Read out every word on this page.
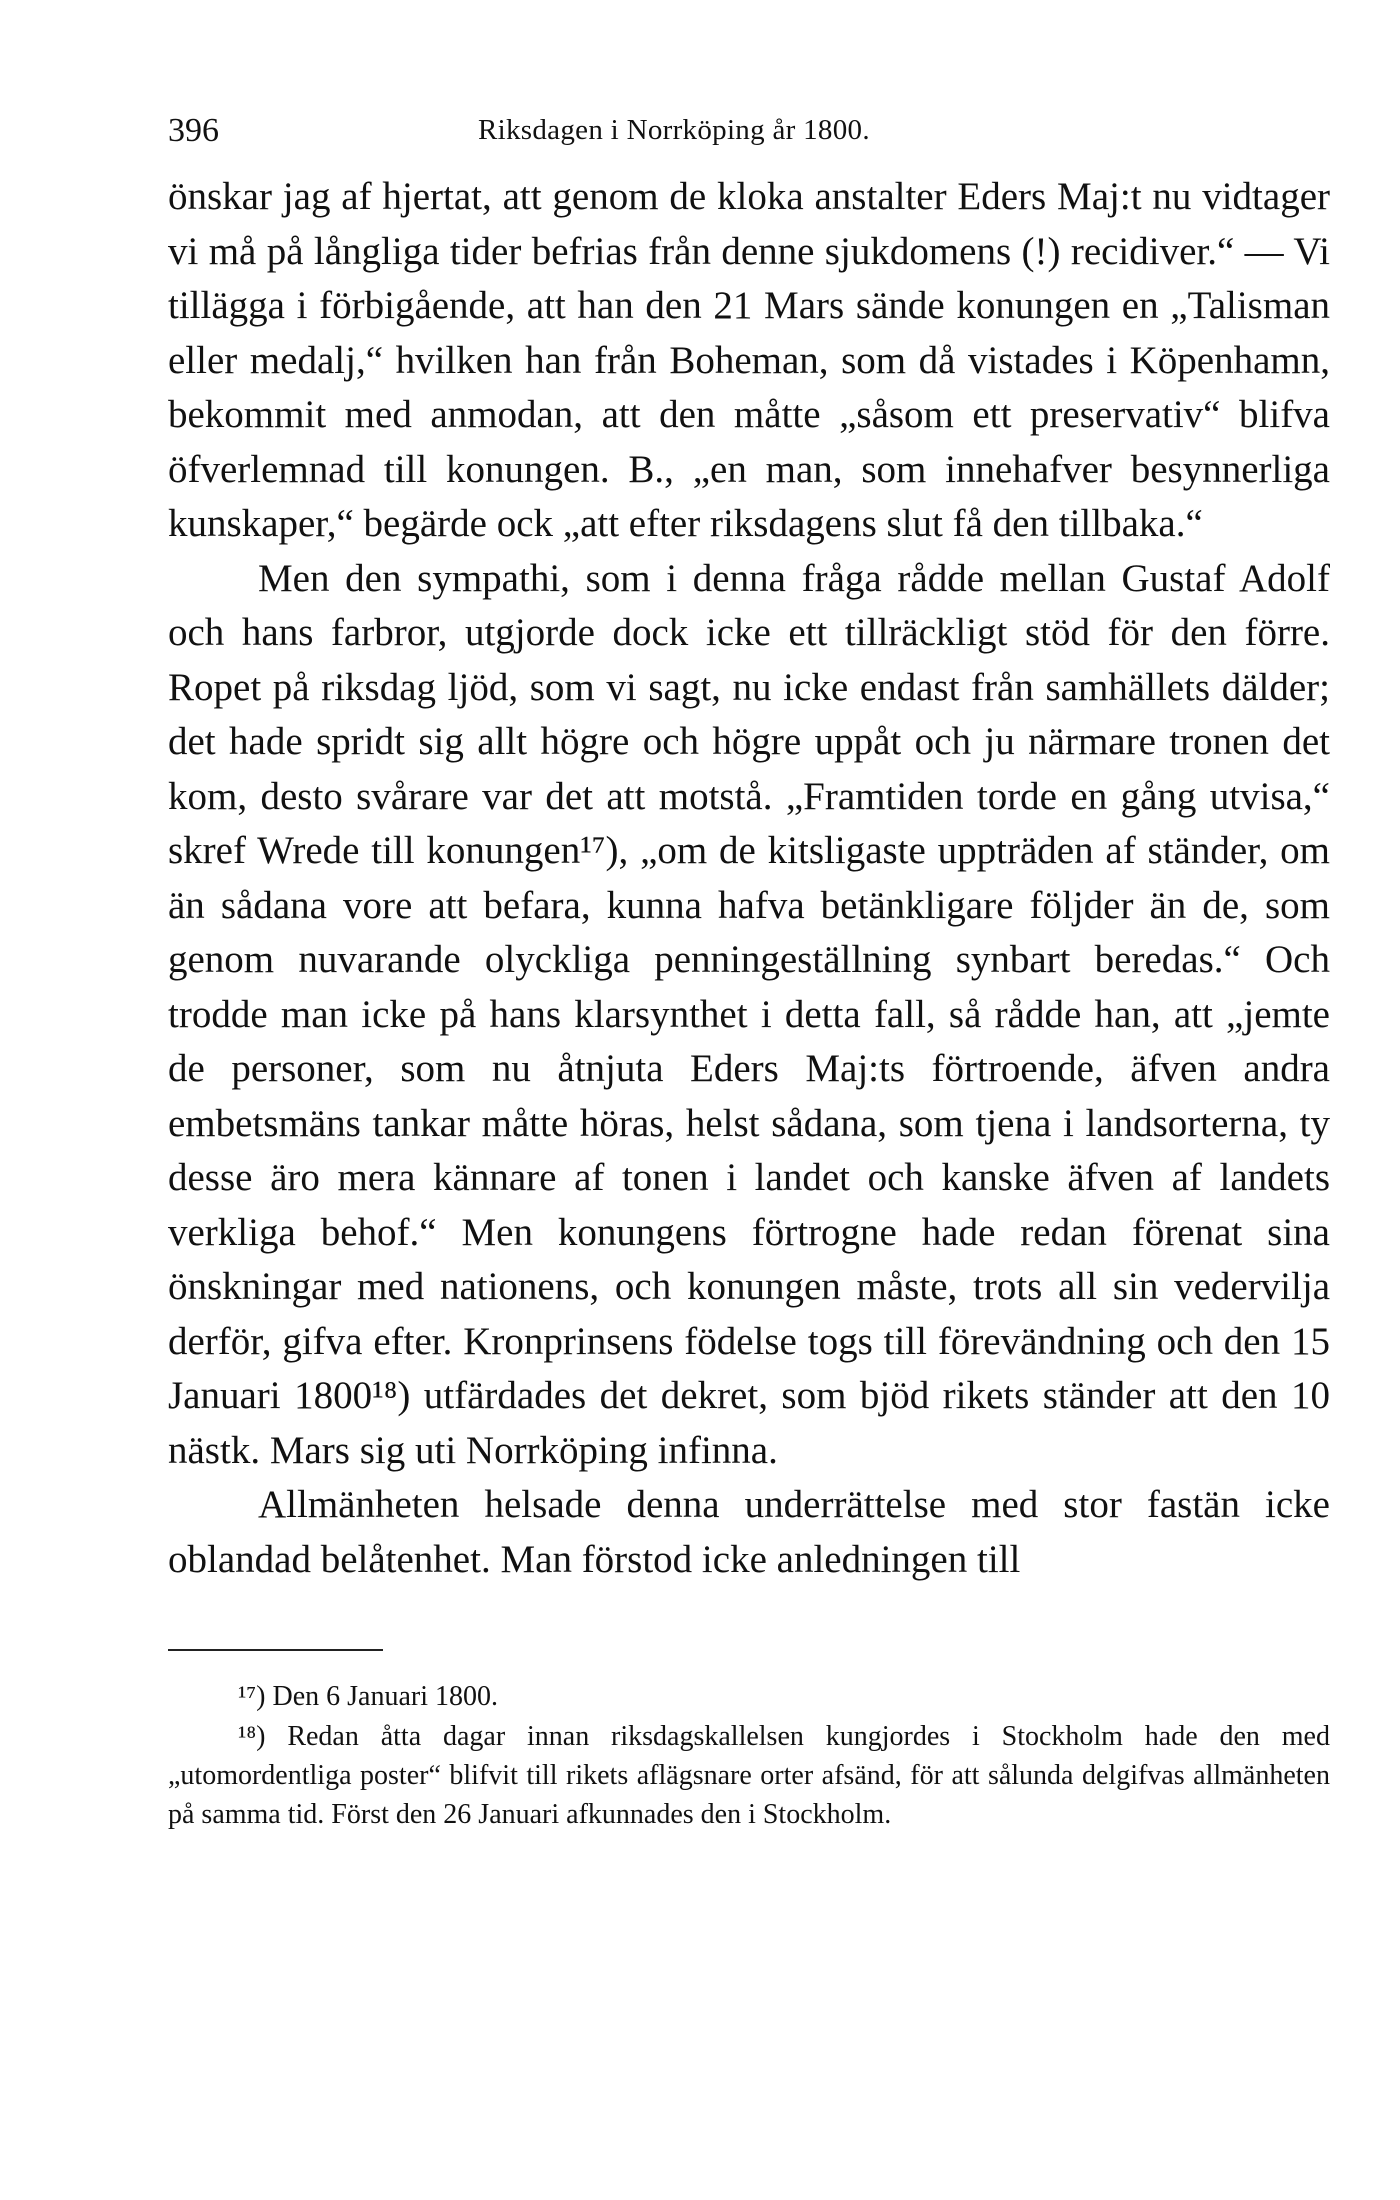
396	Riksdagen i Norrköping år 1800.

önskar jag af hjertat, att genom de kloka anstalter Eders Maj:t nu vidtager vi må på långliga tider befrias från denne sjukdomens (!) recidiver.“ — Vi tillägga i förbigående, att han den 21 Mars sände konungen en „Talisman eller medalj,“ hvilken han från Boheman, som då vistades i Köpenhamn, bekommit med anmodan, att den måtte „såsom ett preservativ“ blifva öfverlemnad till konungen. B., „en man, som innehafver besynnerliga kunskaper,“ begärde ock „att efter riksdagens slut få den tillbaka.“

Men den sympathi, som i denna fråga rådde mellan Gustaf Adolf och hans farbror, utgjorde dock icke ett tillräckligt stöd för den förre. Ropet på riksdag ljöd, som vi sagt, nu icke endast från samhällets dälder; det hade spridt sig allt högre och högre uppåt och ju närmare tronen det kom, desto svårare var det att motstå. „Framtiden torde en gång utvisa,“ skref Wrede till konungen¹⁷), „om de kitsligaste uppträden af ständer, om än sådana vore att befara, kunna hafva betänkligare följder än de, som genom nuvarande olyckliga penningeställning synbart beredas.“ Och trodde man icke på hans klarsynthet i detta fall, så rådde han, att „jemte de personer, som nu åtnjuta Eders Maj:ts förtroende, äfven andra embetsmäns tankar måtte höras, helst sådana, som tjena i landsorterna, ty desse äro mera kännare af tonen i landet och kanske äfven af landets verkliga behof.“ Men konungens förtrogne hade redan förenat sina önskningar med nationens, och konungen måste, trots all sin vedervilja derför, gifva efter. Kronprinsens födelse togs till förevändning och den 15 Januari 1800¹⁸) utfärdades det dekret, som bjöd rikets ständer att den 10 nästk. Mars sig uti Norrköping infinna.

Allmänheten helsade denna underrättelse med stor fastän icke oblandad belåtenhet. Man förstod icke anledningen till

¹⁷) Den 6 Januari 1800.

¹⁸) Redan åtta dagar innan riksdagskallelsen kungjordes i Stockholm hade den med „utomordentliga poster“ blifvit till rikets aflägsnare orter afsänd, för att sålunda delgifvas allmänheten på samma tid. Först den 26 Januari afkunnades den i Stockholm.
